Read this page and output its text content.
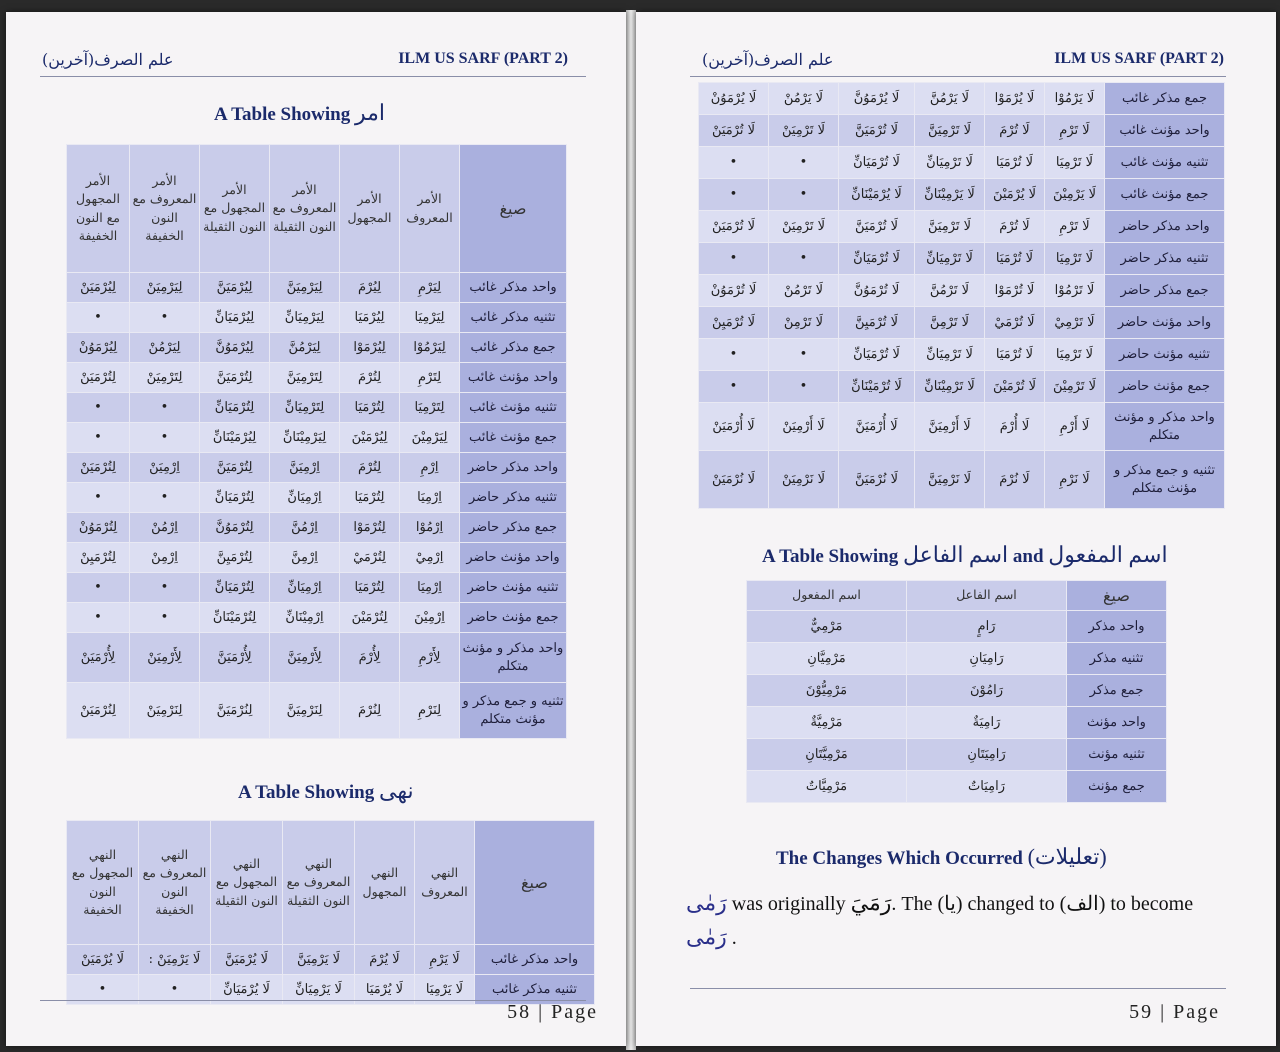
علم الصرف(آخرين)	ILM US SARF (PART 2)
A Table Showing امر
الأمر المجهول مع النون الخفيفة	الأمر المعروف مع النون الخفيفة	الأمر المجهول مع النون الثقيلة	الأمر المعروف مع النون الثقيلة	الأمر المجهول	الأمر المعروف	صيغ
لِيُرْمَيَنْ	لِيَرْمِيَنْ	لِيُرْمَيَنَّ	لِيَرْمِيَنَّ	لِيُرْمَ	لِيَرْمِ	واحد مذكر غائب
•	•	لِيُرْمَيَانِّ	لِيَرْمِيَانِّ	لِيُرْمَيَا	لِيَرْمِيَا	تثنيه مذكر غائب
لِيُرْمَوُنْ	لِيَرْمُنْ	لِيُرْمَوُنَّ	لِيَرْمُنَّ	لِيُرْمَوْا	لِيَرْمُوْا	جمع مذكر غائب
لِتُرْمَيَنْ	لِتَرْمِيَنْ	لِتُرْمَيَنَّ	لِتَرْمِيَنَّ	لِتُرْمَ	لِتَرْمِ	واحد مؤنث غائب
•	•	لِتُرْمَيَانِّ	لِتَرْمِيَانِّ	لِتُرْمَيَا	لِتَرْمِيَا	تثنيه مؤنث غائب
•	•	لِيُرْمَيْنَانِّ	لِيَرْمِيْنَانِّ	لِيُرْمَيْنَ	لِيَرْمِيْنَ	جمع مؤنث غائب
لِتُرْمَيَنْ	اِرْمِيَنْ	لِتُرْمَيَنَّ	اِرْمِيَنَّ	لِتُرْمَ	اِرْمِ	واحد مذكر حاضر
•	•	لِتُرْمَيَانِّ	اِرْمِيَانِّ	لِتُرْمَيَا	اِرْمِيَا	تثنيه مذكر حاضر
لِتُرْمَوُنْ	اِرْمُنْ	لِتُرْمَوُنَّ	اِرْمُنَّ	لِتُرْمَوْا	اِرْمُوْا	جمع مذكر حاضر
لِتُرْمَيِنْ	اِرْمِنْ	لِتُرْمَيِنَّ	اِرْمِنَّ	لِتُرْمَيْ	اِرْمِيْ	واحد مؤنث حاضر
•	•	لِتُرْمَيَانِّ	اِرْمِيَانِّ	لِتُرْمَيَا	اِرْمِيَا	تثنيه مؤنث حاضر
•	•	لِتُرْمَيْنَانِّ	اِرْمِيْنَانِّ	لِتُرْمَيْنَ	اِرْمِيْنَ	جمع مؤنث حاضر
لِأُرْمَيَنْ	لِأَرْمِيَنْ	لِأُرْمَيَنَّ	لِأَرْمِيَنَّ	لِأُرْمَ	لِأَرْمِ	واحد مذكر و مؤنث متكلم
لِنُرْمَيَنْ	لِنَرْمِيَنْ	لِنُرْمَيَنَّ	لِنَرْمِيَنَّ	لِنُرْمَ	لِنَرْمِ	تثنيه و جمع مذكر و مؤنث متكلم
A Table Showing نهى
النهي المجهول مع النون الخفيفة	النهي المعروف مع النون الخفيفة	النهي المجهول مع النون الثقيلة	النهي المعروف مع النون الثقيلة	النهي المجهول	النهي المعروف	صيغ
لَا يُرْمَيَنْ	لَا يَرْمِيَنْ :	لَا يُرْمَيَنَّ	لَا يَرْمِيَنَّ	لَا يُرْمَ	لَا يَرْمِ	واحد مذكر غائب
•	•	لَا يُرْمَيَانِّ	لَا يَرْمِيَانِّ	لَا يُرْمَيَا	لَا يَرْمِيَا	تثنيه مذكر غائب
58 | Page
علم الصرف(آخرين)	ILM US SARF (PART 2)
لَا يُرْمَوُنْ	لَا يَرْمُنْ	لَا يُرْمَوُنَّ	لَا يَرْمُنَّ	لَا يُرْمَوْا	لَا يَرْمُوْا	جمع مذكر غائب
لَا تُرْمَيَنْ	لَا تَرْمِيَنْ	لَا تُرْمَيَنَّ	لَا تَرْمِيَنَّ	لَا تُرْمَ	لَا تَرْمِ	واحد مؤنث غائب
•	•	لَا تُرْمَيَانِّ	لَا تَرْمِيَانِّ	لَا تُرْمَيَا	لَا تَرْمِيَا	تثنيه مؤنث غائب
•	•	لَا يُرْمَيْنَانِّ	لَا يَرْمِيْنَانِّ	لَا يُرْمَيْنَ	لَا يَرْمِيْنَ	جمع مؤنث غائب
لَا تُرْمَيَنْ	لَا تَرْمِيَنْ	لَا تُرْمَيَنَّ	لَا تَرْمِيَنَّ	لَا تُرْمَ	لَا تَرْمِ	واحد مذكر حاضر
•	•	لَا تُرْمَيَانِّ	لَا تَرْمِيَانِّ	لَا تُرْمَيَا	لَا تَرْمِيَا	تثنيه مذكر حاضر
لَا تُرْمَوُنْ	لَا تَرْمُنْ	لَا تُرْمَوُنَّ	لَا تَرْمُنَّ	لَا تُرْمَوْا	لَا تَرْمُوْا	جمع مذكر حاضر
لَا تُرْمَيِنْ	لَا تَرْمِنْ	لَا تُرْمَيِنَّ	لَا تَرْمِنَّ	لَا تُرْمَيْ	لَا تَرْمِيْ	واحد مؤنث حاضر
•	•	لَا تُرْمَيَانِّ	لَا تَرْمِيَانِّ	لَا تُرْمَيَا	لَا تَرْمِيَا	تثنيه مؤنث حاضر
•	•	لَا تُرْمَيْنَانِّ	لَا تَرْمِيْنَانِّ	لَا تُرْمَيْنَ	لَا تَرْمِيْنَ	جمع مؤنث حاضر
لَا أُرْمَيَنْ	لَا أَرْمِيَنْ	لَا أُرْمَيَنَّ	لَا أَرْمِيَنَّ	لَا أُرْمَ	لَا أَرْمِ	واحد مذكر و مؤنث متكلم
لَا نُرْمَيَنْ	لَا نَرْمِيَنْ	لَا نُرْمَيَنَّ	لَا نَرْمِيَنَّ	لَا نُرْمَ	لَا نَرْمِ	تثنيه و جمع مذكر و مؤنث متكلم
A Table Showing اسم الفاعل and اسم المفعول
اسم المفعول	اسم الفاعل	صيغ
مَرْمِيٌّ	رَامٍ	واحد مذكر
مَرْمِيَّانِ	رَامِيَانِ	تثنيه مذكر
مَرْمِيُّوْنَ	رَامُوْنَ	جمع مذكر
مَرْمِيَّةٌ	رَامِيَةٌ	واحد مؤنث
مَرْمِيَّتَانِ	رَامِيَتَانِ	تثنيه مؤنث
مَرْمِيَّاتٌ	رَامِيَاتٌ	جمع مؤنث
The Changes Which Occurred (تعليلات)
رَمٰى was originally رَمَيَ. The (يا) changed to (الف) to become
رَمٰى .
59 | Page
